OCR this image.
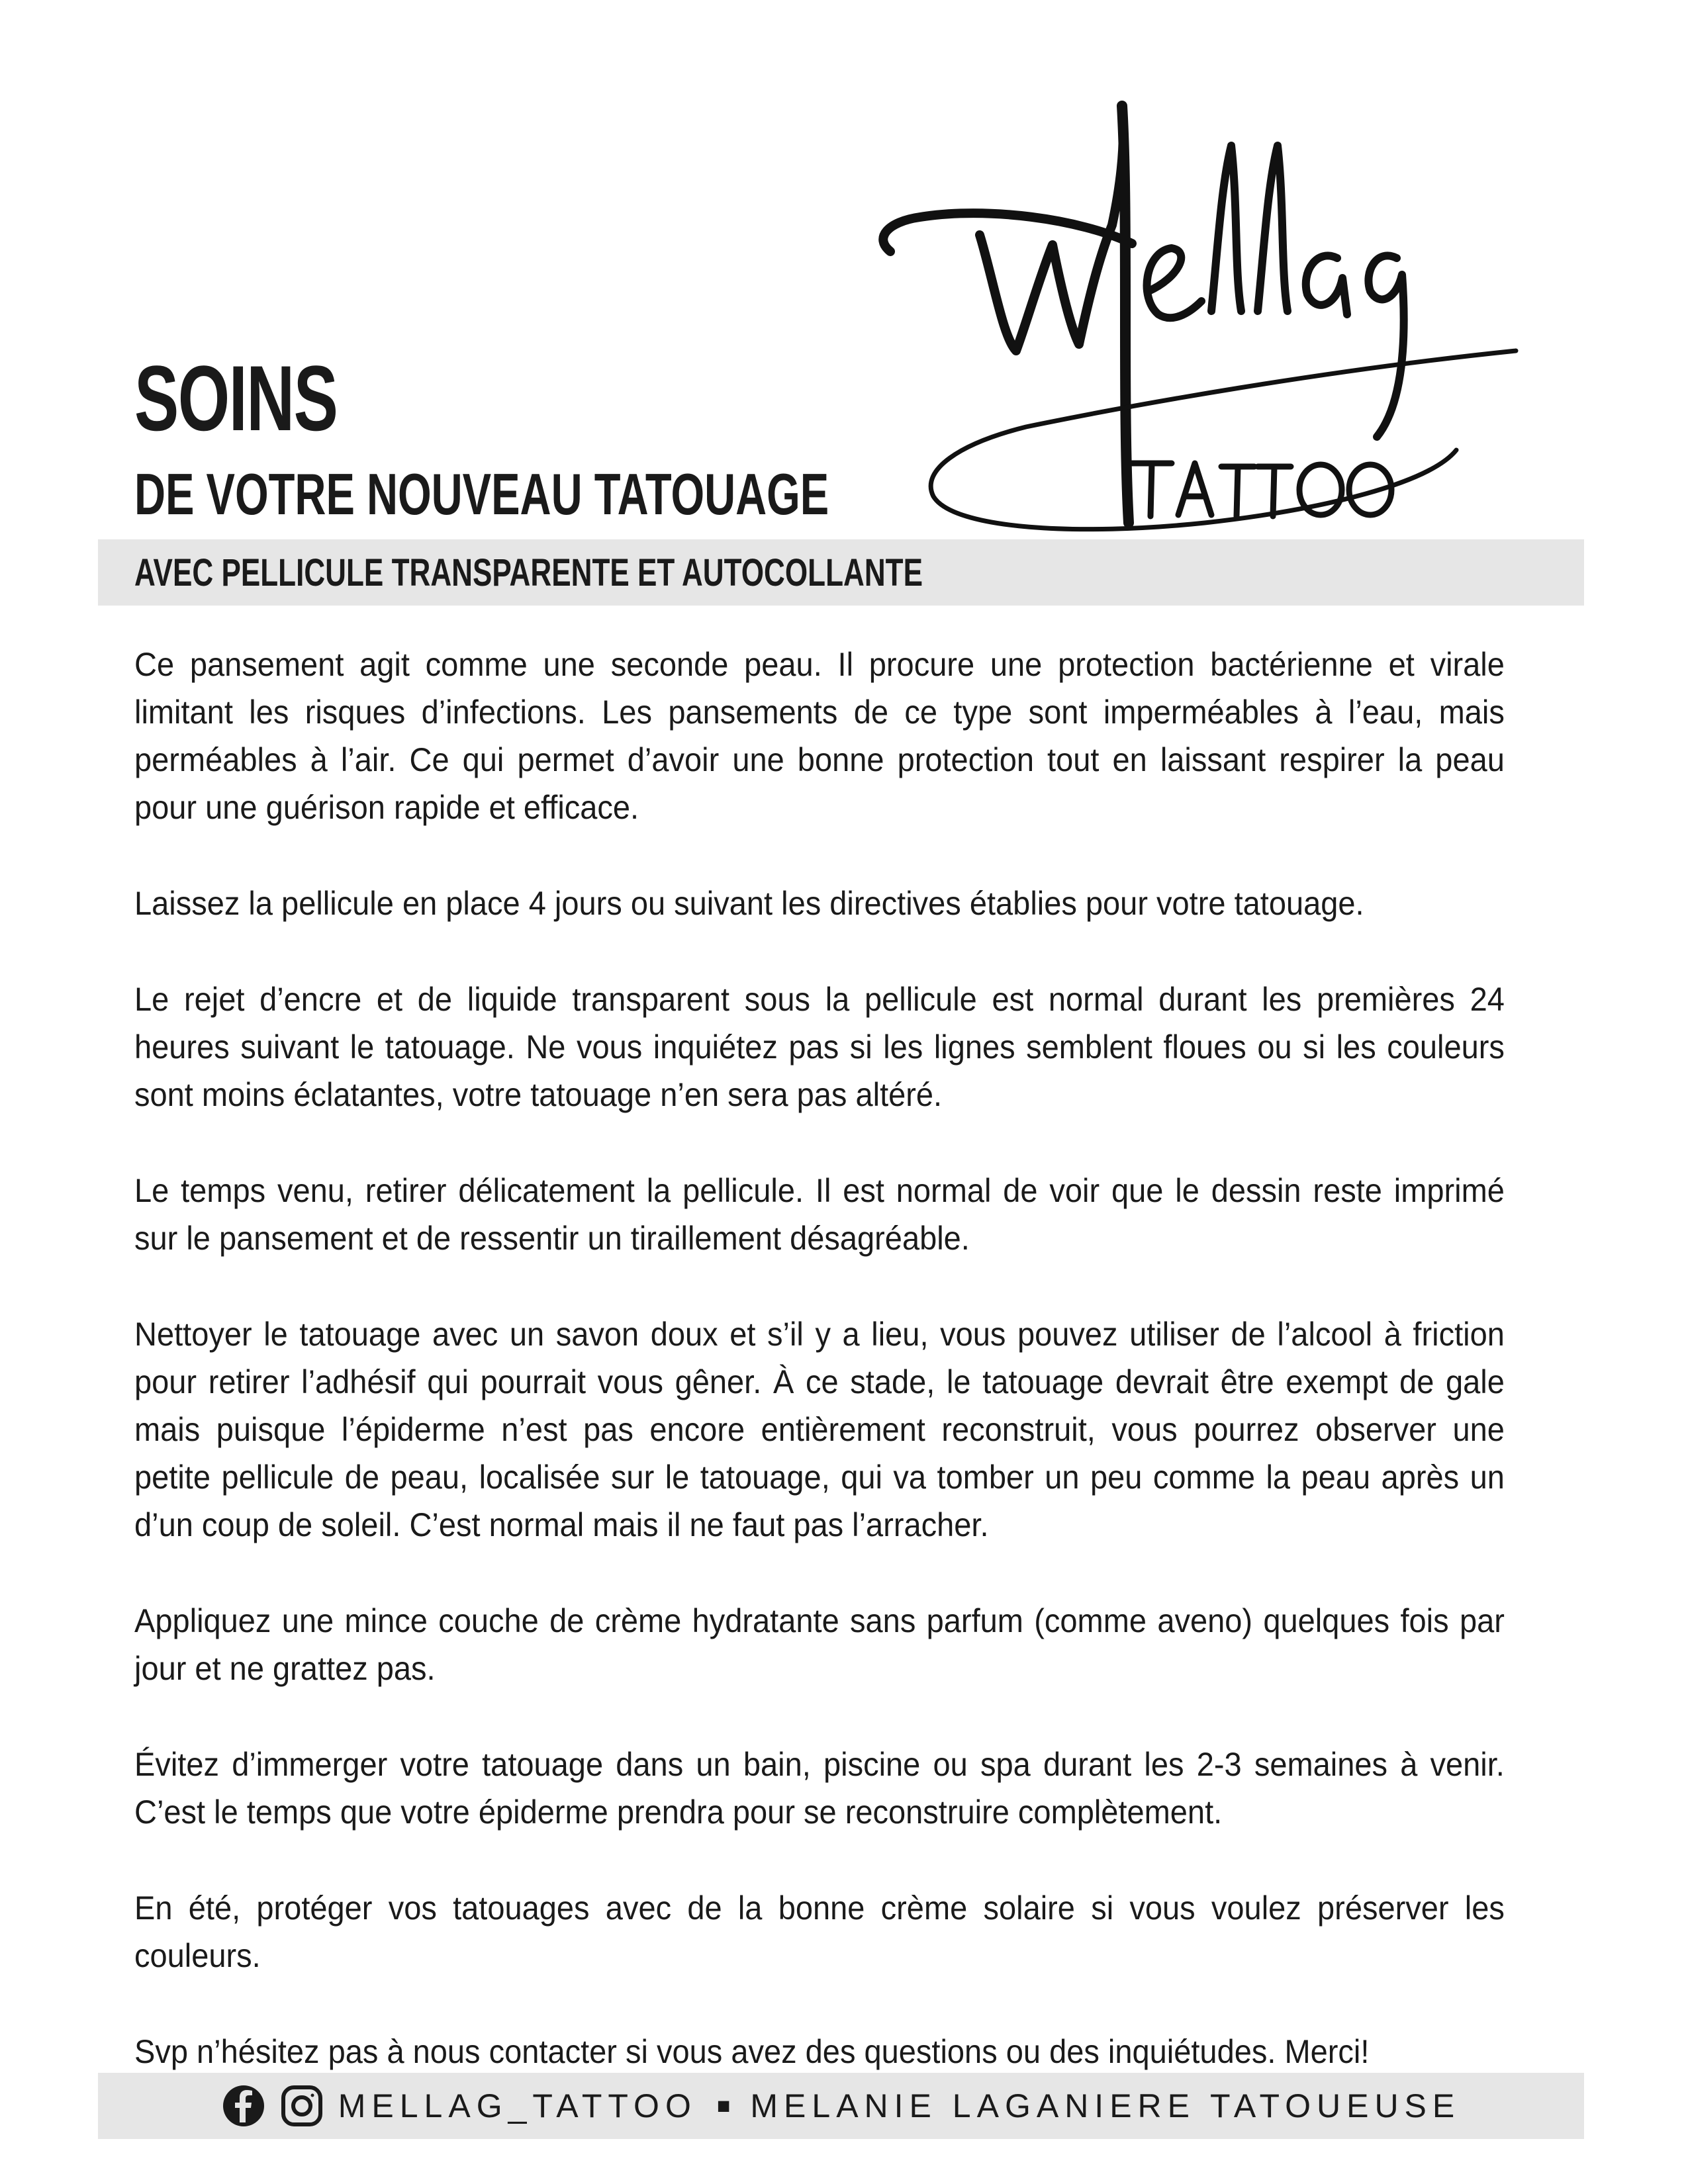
SOINS
DE VOTRE NOUVEAU TATOUAGE
AVEC PELLICULE TRANSPARENTE ET AUTOCOLLANTE

Ce pansement agit comme une seconde peau. Il procure une protection bactérienne et virale limitant les risques d’infections. Les pansements de ce type sont imperméables à l’eau, mais perméables à l’air. Ce qui permet d’avoir une bonne protection tout en laissant respirer la peau pour une guérison rapide et efficace.

Laissez la pellicule en place 4 jours ou suivant les directives établies pour votre tatouage.

Le rejet d’encre et de liquide transparent sous la pellicule est normal durant les premières 24 heures suivant le tatouage. Ne vous inquiétez pas si les lignes semblent floues ou si les couleurs sont moins éclatantes, votre tatouage n’en sera pas altéré.

Le temps venu, retirer délicatement la pellicule. Il est normal de voir que le dessin reste imprimé sur le pansement et de ressentir un tiraillement désagréable.

Nettoyer le tatouage avec un savon doux et s’il y a lieu, vous pouvez utiliser de l’alcool à friction pour retirer l’adhésif qui pourrait vous gêner. À ce stade, le tatouage devrait être exempt de gale mais puisque l’épiderme n’est pas encore entièrement reconstruit, vous pourrez observer une petite pellicule de peau, localisée sur le tatouage, qui va tomber un peu comme la peau après un d’un coup de soleil. C’est normal mais il ne faut pas l’arracher.

Appliquez une mince couche de crème hydratante sans parfum (comme aveno) quelques fois par jour et ne grattez pas.

Évitez d’immerger votre tatouage dans un bain, piscine ou spa durant les 2-3 semaines à venir. C’est le temps que votre épiderme prendra pour se reconstruire complètement.

En été, protéger vos tatouages avec de la bonne crème solaire si vous voulez préserver les couleurs.

Svp n’hésitez pas à nous contacter si vous avez des questions ou des inquiétudes. Merci!

MELLAG_TATTOO ■ MELANIE LAGANIERE TATOUEUSE
